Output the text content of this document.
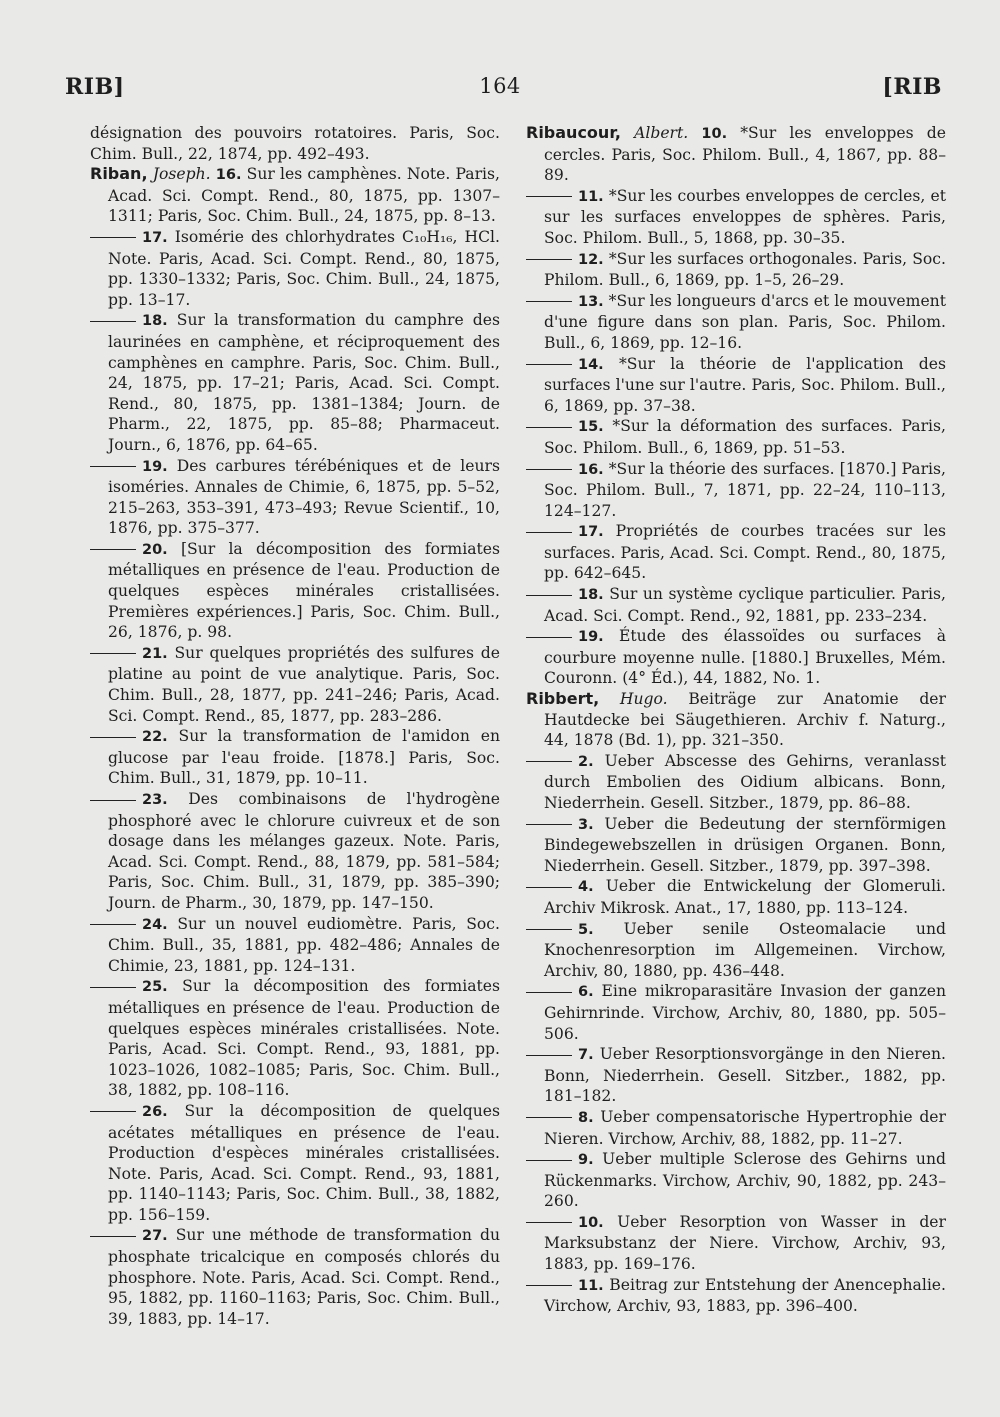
RIB]	164	[RIB

désignation des pouvoirs rotatoires. Paris, Soc. Chim. Bull., 22, 1874, pp. 492–493.

Riban, Joseph. 16. Sur les camphènes. Note. Paris, Acad. Sci. Compt. Rend., 80, 1875, pp. 1307–1311; Paris, Soc. Chim. Bull., 24, 1875, pp. 8–13.

17. Isomérie des chlorhydrates C₁₀H₁₆, HCl. Note. Paris, Acad. Sci. Compt. Rend., 80, 1875, pp. 1330–1332; Paris, Soc. Chim. Bull., 24, 1875, pp. 13–17.

18. Sur la transformation du camphre des laurinées en camphène, et réciproquement des camphènes en camphre. Paris, Soc. Chim. Bull., 24, 1875, pp. 17–21; Paris, Acad. Sci. Compt. Rend., 80, 1875, pp. 1381–1384; Journ. de Pharm., 22, 1875, pp. 85–88; Pharmaceut. Journ., 6, 1876, pp. 64–65.

19. Des carbures térébéniques et de leurs isoméries. Annales de Chimie, 6, 1875, pp. 5–52, 215–263, 353–391, 473–493; Revue Scientif., 10, 1876, pp. 375–377.

20. [Sur la décomposition des formiates métalliques en présence de l'eau. Production de quelques espèces minérales cristallisées. Premières expériences.] Paris, Soc. Chim. Bull., 26, 1876, p. 98.

21. Sur quelques propriétés des sulfures de platine au point de vue analytique. Paris, Soc. Chim. Bull., 28, 1877, pp. 241–246; Paris, Acad. Sci. Compt. Rend., 85, 1877, pp. 283–286.

22. Sur la transformation de l'amidon en glucose par l'eau froide. [1878.] Paris, Soc. Chim. Bull., 31, 1879, pp. 10–11.

23. Des combinaisons de l'hydrogène phosphoré avec le chlorure cuivreux et de son dosage dans les mélanges gazeux. Note. Paris, Acad. Sci. Compt. Rend., 88, 1879, pp. 581–584; Paris, Soc. Chim. Bull., 31, 1879, pp. 385–390; Journ. de Pharm., 30, 1879, pp. 147–150.

24. Sur un nouvel eudiomètre. Paris, Soc. Chim. Bull., 35, 1881, pp. 482–486; Annales de Chimie, 23, 1881, pp. 124–131.

25. Sur la décomposition des formiates métalliques en présence de l'eau. Production de quelques espèces minérales cristallisées. Note. Paris, Acad. Sci. Compt. Rend., 93, 1881, pp. 1023–1026, 1082–1085; Paris, Soc. Chim. Bull., 38, 1882, pp. 108–116.

26. Sur la décomposition de quelques acétates métalliques en présence de l'eau. Production d'espèces minérales cristallisées. Note. Paris, Acad. Sci. Compt. Rend., 93, 1881, pp. 1140–1143; Paris, Soc. Chim. Bull., 38, 1882, pp. 156–159.

27. Sur une méthode de transformation du phosphate tricalcique en composés chlorés du phosphore. Note. Paris, Acad. Sci. Compt. Rend., 95, 1882, pp. 1160–1163; Paris, Soc. Chim. Bull., 39, 1883, pp. 14–17.

Ribaucour, Albert. 10. *Sur les enveloppes de cercles. Paris, Soc. Philom. Bull., 4, 1867, pp. 88–89.

11. *Sur les courbes enveloppes de cercles, et sur les surfaces enveloppes de sphères. Paris, Soc. Philom. Bull., 5, 1868, pp. 30–35.

12. *Sur les surfaces orthogonales. Paris, Soc. Philom. Bull., 6, 1869, pp. 1–5, 26–29.

13. *Sur les longueurs d'arcs et le mouvement d'une figure dans son plan. Paris, Soc. Philom. Bull., 6, 1869, pp. 12–16.

14. *Sur la théorie de l'application des surfaces l'une sur l'autre. Paris, Soc. Philom. Bull., 6, 1869, pp. 37–38.

15. *Sur la déformation des surfaces. Paris, Soc. Philom. Bull., 6, 1869, pp. 51–53.

16. *Sur la théorie des surfaces. [1870.] Paris, Soc. Philom. Bull., 7, 1871, pp. 22–24, 110–113, 124–127.

17. Propriétés de courbes tracées sur les surfaces. Paris, Acad. Sci. Compt. Rend., 80, 1875, pp. 642–645.

18. Sur un système cyclique particulier. Paris, Acad. Sci. Compt. Rend., 92, 1881, pp. 233–234.

19. Étude des élassoïdes ou surfaces à courbure moyenne nulle. [1880.] Bruxelles, Mém. Couronn. (4° Éd.), 44, 1882, No. 1.

Ribbert, Hugo. Beiträge zur Anatomie der Hautdecke bei Säugethieren. Archiv f. Naturg., 44, 1878 (Bd. 1), pp. 321–350.

2. Ueber Abscesse des Gehirns, veranlasst durch Embolien des Oidium albicans. Bonn, Niederrhein. Gesell. Sitzber., 1879, pp. 86–88.

3. Ueber die Bedeutung der sternförmigen Bindegewebszellen in drüsigen Organen. Bonn, Niederrhein. Gesell. Sitzber., 1879, pp. 397–398.

4. Ueber die Entwickelung der Glomeruli. Archiv Mikrosk. Anat., 17, 1880, pp. 113–124.

5. Ueber senile Osteomalacie und Knochenresorption im Allgemeinen. Virchow, Archiv, 80, 1880, pp. 436–448.

6. Eine mikroparasitäre Invasion der ganzen Gehirnrinde. Virchow, Archiv, 80, 1880, pp. 505–506.

7. Ueber Resorptionsvorgänge in den Nieren. Bonn, Niederrhein. Gesell. Sitzber., 1882, pp. 181–182.

8. Ueber compensatorische Hypertrophie der Nieren. Virchow, Archiv, 88, 1882, pp. 11–27.

9. Ueber multiple Sclerose des Gehirns und Rückenmarks. Virchow, Archiv, 90, 1882, pp. 243–260.

10. Ueber Resorption von Wasser in der Marksubstanz der Niere. Virchow, Archiv, 93, 1883, pp. 169–176.

11. Beitrag zur Entstehung der Anencephalie. Virchow, Archiv, 93, 1883, pp. 396–400.
